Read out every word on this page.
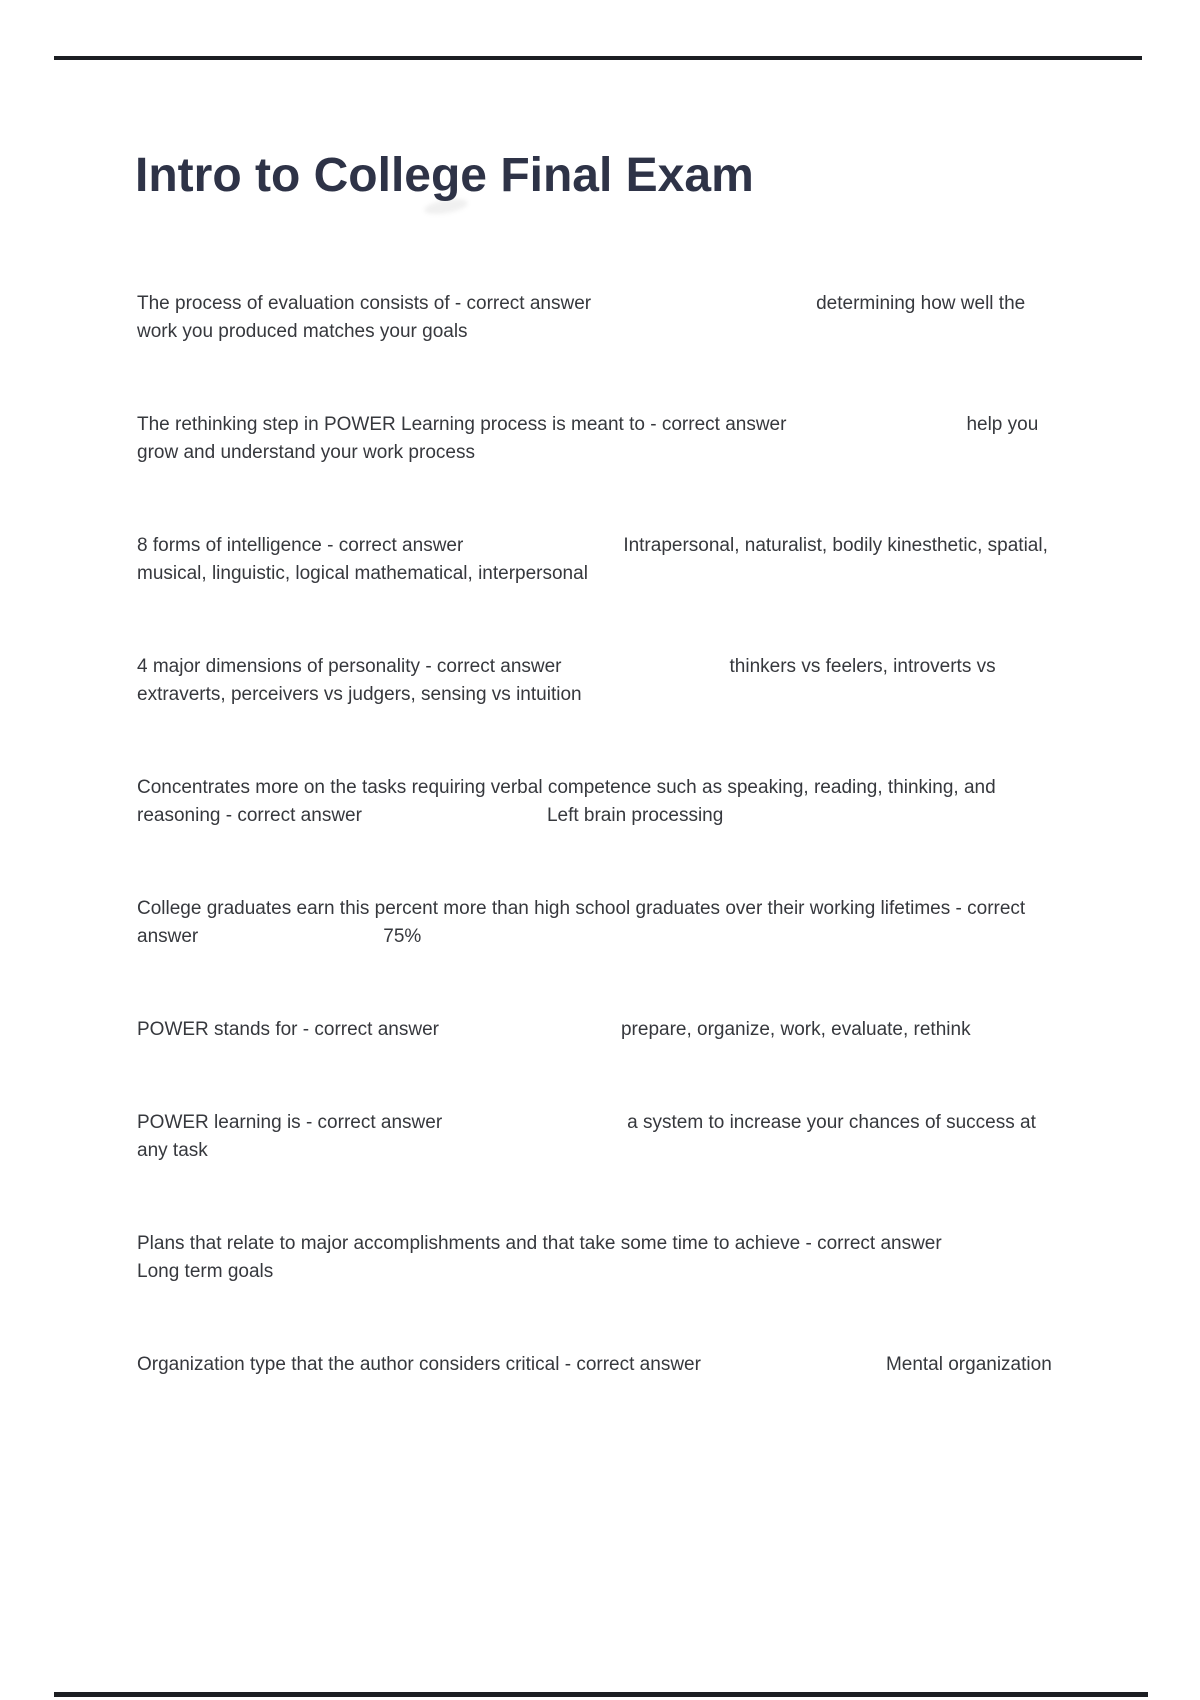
Intro to College Final Exam

The process of evaluation consists of - correct answer	determining how well the work you produced matches your goals

The rethinking step in POWER Learning process is meant to - correct answer	help you grow and understand your work process

8 forms of intelligence - correct answer	Intrapersonal, naturalist, bodily kinesthetic, spatial, musical, linguistic, logical mathematical, interpersonal

4 major dimensions of personality - correct answer	thinkers vs feelers, introverts vs extraverts, perceivers vs judgers, sensing vs intuition

Concentrates more on the tasks requiring verbal competence such as speaking, reading, thinking, and reasoning - correct answer	Left brain processing

College graduates earn this percent more than high school graduates over their working lifetimes - correct answer	75%

POWER stands for - correct answer	prepare, organize, work, evaluate, rethink

POWER learning is - correct answer	a system to increase your chances of success at any task

Plans that relate to major accomplishments and that take some time to achieve - correct answer
Long term goals

Organization type that the author considers critical - correct answer	Mental organization
